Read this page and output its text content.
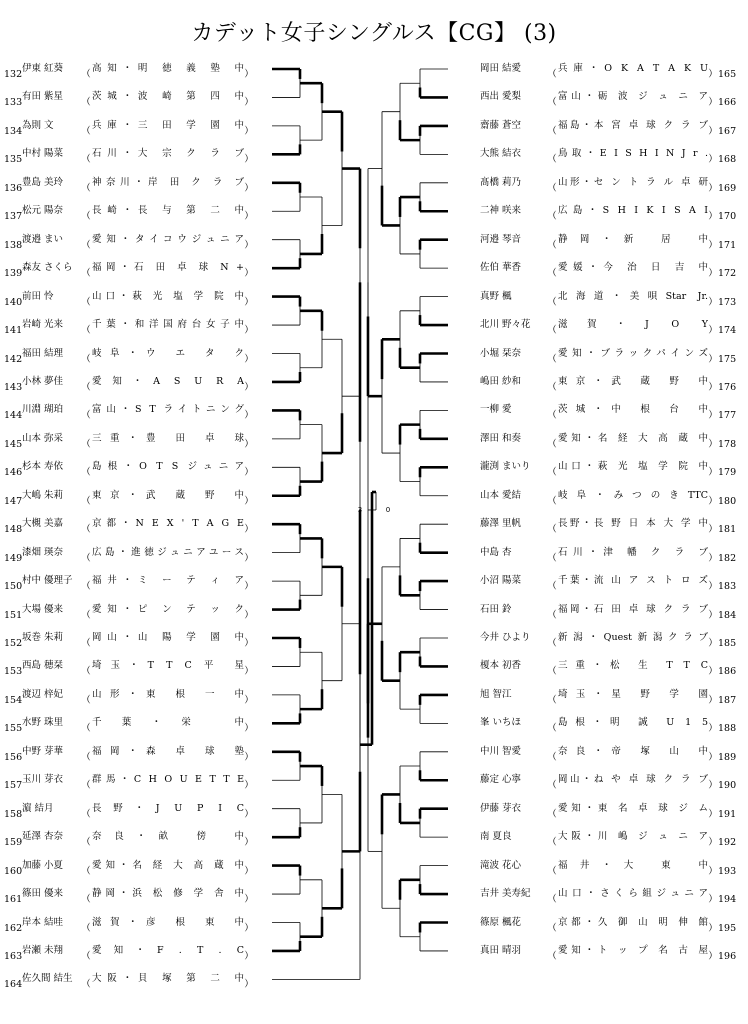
カデット女子シングルス【CG】 (3)
132伊東 紅葵（高知・明 徳 義 塾 中）
133有田 紫星（茨城・波 崎 第 四 中）
134為則 文（兵庫・三 田 学 園 中）
135中村 陽菜（石川・大 宗 ク ラ ブ）
136豊島 美玲（神奈川・岸 田 ク ラ ブ）
137松元 陽奈（長崎・長 与 第 二 中）
138渡邉 まい（愛知・タイコウジュニア）
139森友 さくら（福岡・石 田 卓 球 N +）
140前田 怜（山口・萩 光 塩 学 院 中）
141岩崎 光来（千葉・和洋国府台女子中）
142福田 結理（岐阜・ウ エ タ ク）
143小林 夢佳（愛知・A S U R A）
144川淵 瑚珀（富山・S T ライトニング）
145山本 弥采（三重・豊 田 卓 球）
146杉本 寿依（島根・O T S ジュニア）
147大嶋 朱莉（東京・武 蔵 野 中）
148大槻 美嘉（京都・N E X ' T A G E）
149漆畑 瑛奈（広島・進徳ジュニアユース）
150村中 優理子（福井・ミ ー テ ィ ア）
151大場 優来（愛知・ピ ン テ ッ ク）
152坂巻 朱莉（岡山・山 陽 学 園 中）
153西島 穂栞（埼玉・T T C 平 星）
154渡辺 梓妃（山形・東 根 一 中）
155水野 珠里（千葉・栄 中）
156中野 芽華（福岡・森 卓 球 塾）
157玉川 芽衣（群馬・C H O U E T T E）
158濵 結月（長野・J U P I C）
159延澤 杏奈（奈良・畝 傍 中）
160加藤 小夏（愛知・名 経 大 高 蔵 中）
161篠田 優来（静岡・浜 松 修 学 舎 中）
162岸本 結哇（滋賀・彦 根 東 中）
163岩瀬 未翔（愛知・F . T . C）
164佐久間 結生（大阪・貝 塚 第 二 中）
岡田 結愛（兵庫・O K A T A K U）165
西出 愛梨（富山・砺 波 ジ ュ ニ ア）166
齋藤 蒼空（福島・本 宮 卓 球 ク ラ ブ）167
大熊 結衣（鳥取・E I S H I N J r .）168
髙橋 莉乃（山形・セ ン ト ラ ル 卓 研）169
二神 咲来（広島・S H I K I S A I）170
河邉 琴音（静岡・新 居 中）171
佐伯 華香（愛媛・今 治 日 吉 中）172
真野 楓（北海道・美唄Star Jr.）173
北川 野々花（滋賀・J O Y）174
小堀 栞奈（愛知・ブラックパインズ）175
嶋田 紗和（東京・武 蔵 野 中）176
一柳 愛（茨城・中 根 台 中）177
澤田 和奏（愛知・名 経 大 高 蔵 中）178
瀧渕 まいり（山口・萩 光 塩 学 院 中）179
山本 愛結（岐阜・みつのきTTC）180
藤澤 里帆（長野・長 野 日 本 大 学 中）181
中島 杏（石川・津 幡 ク ラ ブ）182
小沼 陽菜（千葉・流 山 ア ス ト ロ ズ）183
石田 鈴（福岡・石 田 卓 球 ク ラ ブ）184
今井 ひより（新潟・Quest新潟クラブ）185
榎本 初香（三重・松 生 T T C）186
旭 智江（埼玉・星 野 学 園）187
峯 いちほ（島根・明 誠 U 1 5）188
中川 智愛（奈良・帝 塚 山 中）189
藤定 心寧（岡山・ね や 卓 球 ク ラ ブ）190
伊藤 芽衣（愛知・東 名 卓 球 ジ ム）191
南 夏良（大阪・川 嶋 ジ ュ ニ ア）192
滝波 花心（福井・大 東 中）193
吉井 美寿紀（山口・さくら組ジュニア）194
篠原 楓花（京都・久 御 山 明 伸 館）195
真田 晴羽（愛知・ト ッ プ 名 古 屋）196
3	0
